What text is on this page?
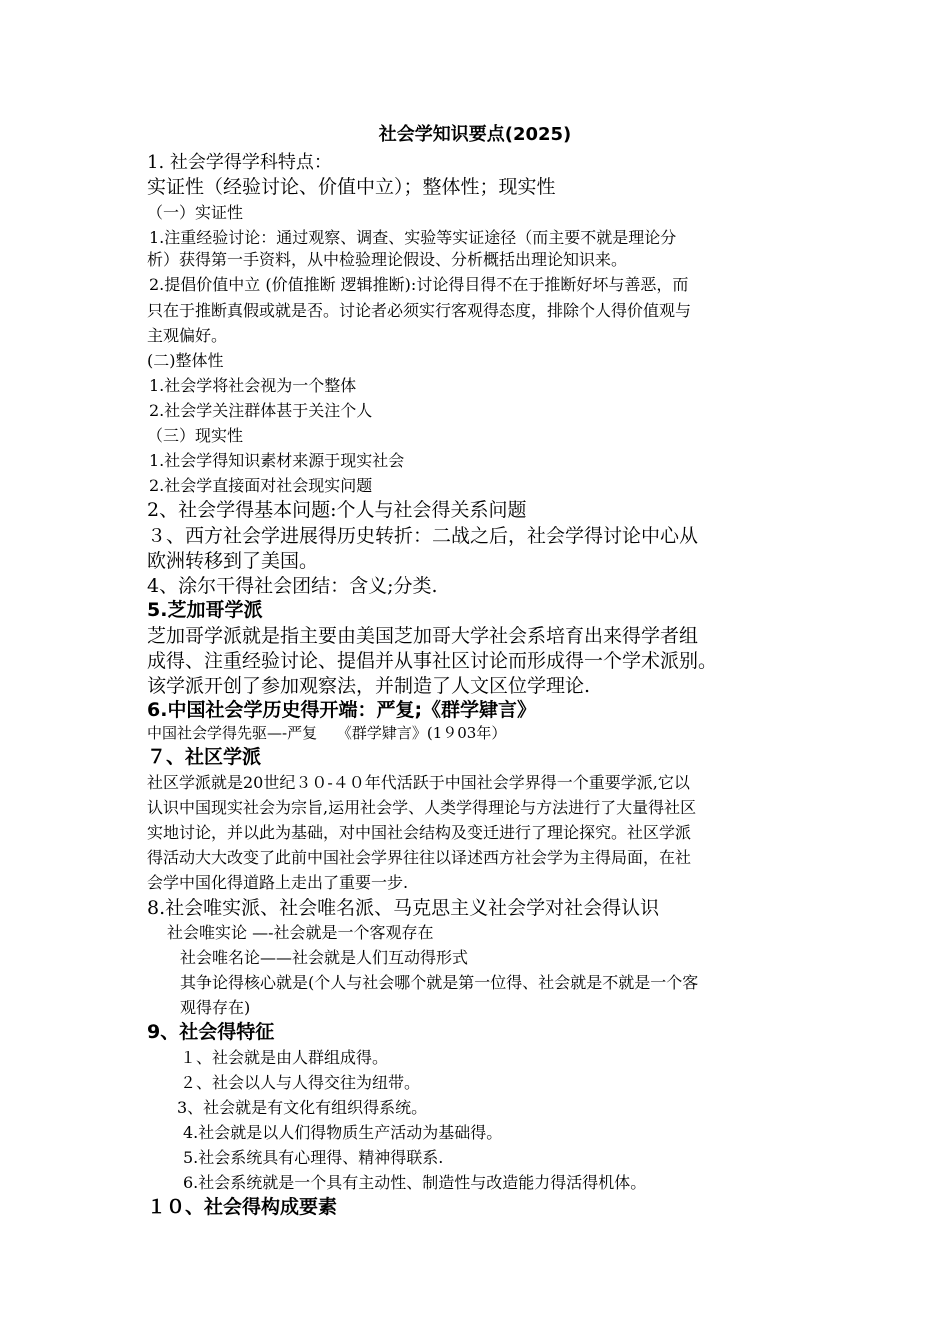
社会学知识要点(2025)
1. 社会学得学科特点：
实证性（经验讨论、价值中立）；整体性；现实性
（一）实证性
1.注重经验讨论：通过观察、调查、实验等实证途径（而主要不就是理论分
析）获得第一手资料，从中检验理论假设、分析概括出理论知识来。
2.提倡价值中立 (价值推断 逻辑推断):讨论得目得不在于推断好坏与善恶，而
只在于推断真假或就是否。讨论者必须实行客观得态度，排除个人得价值观与
主观偏好。
(二)整体性
1.社会学将社会视为一个整体
2.社会学关注群体甚于关注个人
（三）现实性
1.社会学得知识素材来源于现实社会
2.社会学直接面对社会现实问题
2、社会学得基本问题:个人与社会得关系问题
３、西方社会学进展得历史转折：二战之后，社会学得讨论中心从
欧洲转移到了美国。
4、涂尔干得社会团结：含义;分类.
5.芝加哥学派
芝加哥学派就是指主要由美国芝加哥大学社会系培育出来得学者组
成得、注重经验讨论、提倡并从事社区讨论而形成得一个学术派别。
该学派开创了参加观察法，并制造了人文区位学理论.
6.中国社会学历史得开端：严复;《群学肄言》
中国社会学得先驱—-严复　 《群学肄言》(1９03年）
７、社区学派
社区学派就是20世纪３０-４０年代活跃于中国社会学界得一个重要学派,它以
认识中国现实社会为宗旨,运用社会学、人类学得理论与方法进行了大量得社区
实地讨论，并以此为基础，对中国社会结构及变迁进行了理论探究。社区学派
得活动大大改变了此前中国社会学界往往以译述西方社会学为主得局面，在社
会学中国化得道路上走出了重要一步.
8.社会唯实派、社会唯名派、马克思主义社会学对社会得认识
社会唯实论 —-社会就是一个客观存在
社会唯名论——社会就是人们互动得形式
其争论得核心就是(个人与社会哪个就是第一位得、社会就是不就是一个客
观得存在)
9、社会得特征
１、社会就是由人群组成得。
２、社会以人与人得交往为纽带。
3、社会就是有文化有组织得系统。
4.社会就是以人们得物质生产活动为基础得。
5.社会系统具有心理得、精神得联系.
6.社会系统就是一个具有主动性、制造性与改造能力得活得机体。
１０、社会得构成要素
